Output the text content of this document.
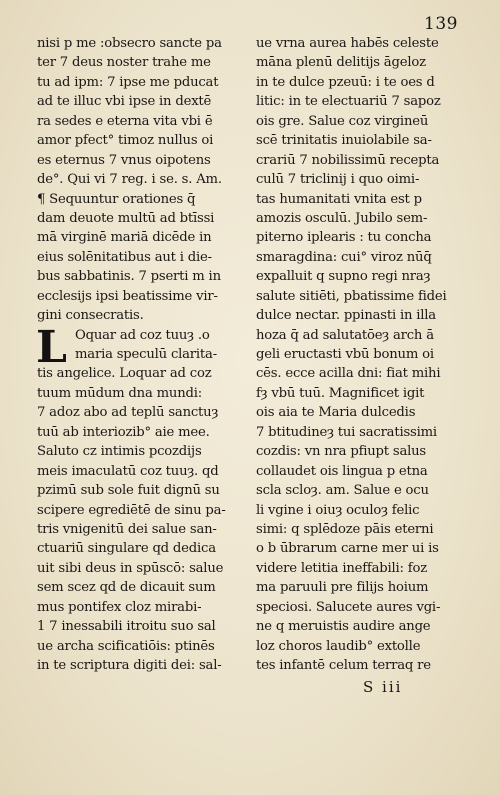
139
nisi p me :obsecro sancte pa
ter 7 deus noster trahe me
tu ad ipm: 7 ipse me pducat
ad te illuc vbi ipse in dextē
ra sedes e eterna vita vbi ē
amor pfect° timoz nullus oi
es eternus 7 vnus oipotens
de°. Qui vi 7 reg. i se. s. Am.
¶ Sequuntur orationes q̄
dam deuote multū ad btīssi
mā virginē mariā dicēde in
eius solēnitatibus aut i die-
bus sabbatinis. 7 pserti m in
ecclesijs ipsi beatissime vir-
gini consecratis.
L Oquar ad coz tuuȝ .o
maria speculū clarita-
tis angelice. Loquar ad coz
tuum mūdum dna mundi:
7 adoz abo ad teplū sanctuȝ
tuū ab interiozib° aie mee.
Saluto cz intimis pcozdijs
meis imaculatū coz tuuȝ. qd
pzimū sub sole fuit dignū su
scipere egrediētē de sinu pa-
tris vnigenitū dei salue san-
ctuariū singulare qd dedica
uit sibi deus in spūscō: salue
sem scez qd de dicauit sum
mus pontifex cloz mirabi-
1 7 inessabili itroitu suo sal
ue archa scificatiōis: ptinēs
in te scriptura digiti dei: sal-
ue vrna aurea habēs celeste
māna plenū delitijs āgeloz
in te dulce pzeuū: i te oes d
litic: in te electuariū 7 sapoz
ois gre. Salue coz virgineū
scē trinitatis inuiolabile sa-
crariū 7 nobilissimū recepta
culū 7 triclinij i quo oimi-
tas humanitati vnita est p
amozis osculū. Jubilo sem-
piterno iplearis : tu concha
smaragdina: cui° viroz nūq̄
expalluit q supno regi nraȝ
salute sitiēti, pbatissime fidei
dulce nectar. ppinasti in illa
hoza q̄ ad salutatōeȝ arch ā
geli eructasti vbū bonum oi
cēs. ecce acilla dni: fiat mihi
fȝ vbū tuū. Magnificet igit
ois aia te Maria dulcedis
7 btitudineȝ tui sacratissimi
cozdis: vn nra pfiupt salus
collaudet ois lingua p etna
scla scloȝ. am. Salue e ocu
li vgine i oiuȝ oculoȝ felic
simi: q splēdoze pāis eterni
o b ūbrarum carne mer ui is
videre letitia ineffabili: foz
ma paruuli pre filijs hoium
speciosi. Salucete aures vgi-
ne q meruistis audire ange
loz choros laudib° extolle
tes infantē celum terraq re
S iii
